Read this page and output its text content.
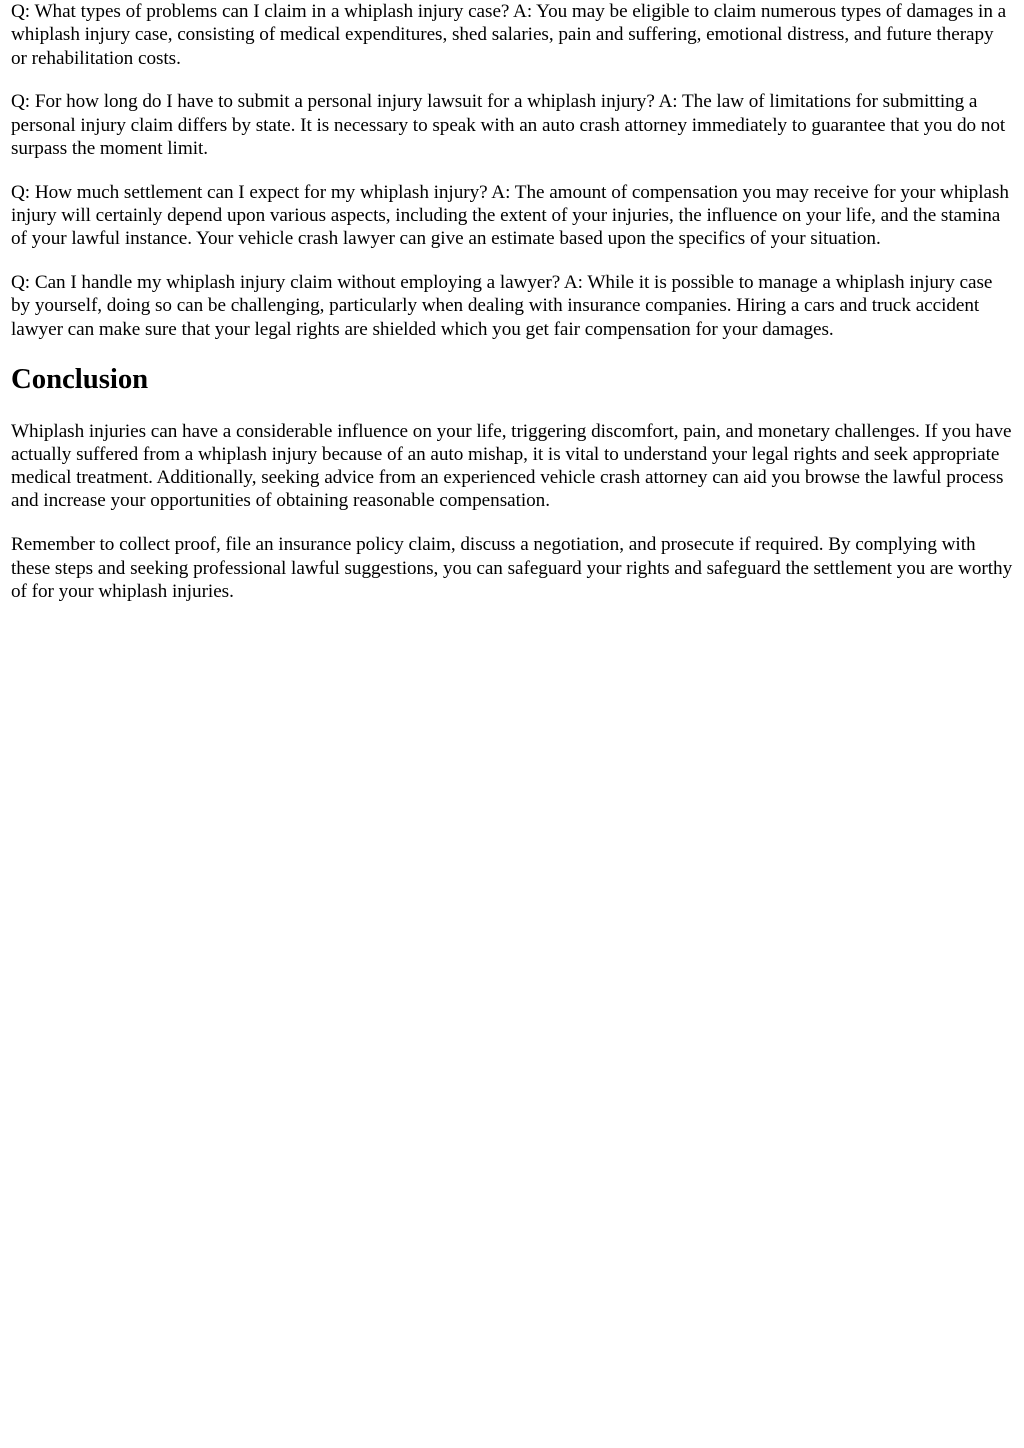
Q: What types of problems can I claim in a whiplash injury case? A: You may be eligible to claim numerous types of damages in a whiplash injury case, consisting of medical expenditures, shed salaries, pain and suffering, emotional distress, and future therapy or rehabilitation costs.

Q: For how long do I have to submit a personal injury lawsuit for a whiplash injury? A: The law of limitations for submitting a personal injury claim differs by state. It is necessary to speak with an auto crash attorney immediately to guarantee that you do not surpass the moment limit.

Q: How much settlement can I expect for my whiplash injury? A: The amount of compensation you may receive for your whiplash injury will certainly depend upon various aspects, including the extent of your injuries, the influence on your life, and the stamina of your lawful instance. Your vehicle crash lawyer can give an estimate based upon the specifics of your situation.

Q: Can I handle my whiplash injury claim without employing a lawyer? A: While it is possible to manage a whiplash injury case by yourself, doing so can be challenging, particularly when dealing with insurance companies. Hiring a cars and truck accident lawyer can make sure that your legal rights are shielded which you get fair compensation for your damages.

Conclusion

Whiplash injuries can have a considerable influence on your life, triggering discomfort, pain, and monetary challenges. If you have actually suffered from a whiplash injury because of an auto mishap, it is vital to understand your legal rights and seek appropriate medical treatment. Additionally, seeking advice from an experienced vehicle crash attorney can aid you browse the lawful process and increase your opportunities of obtaining reasonable compensation.

Remember to collect proof, file an insurance policy claim, discuss a negotiation, and prosecute if required. By complying with these steps and seeking professional lawful suggestions, you can safeguard your rights and safeguard the settlement you are worthy of for your whiplash injuries.
